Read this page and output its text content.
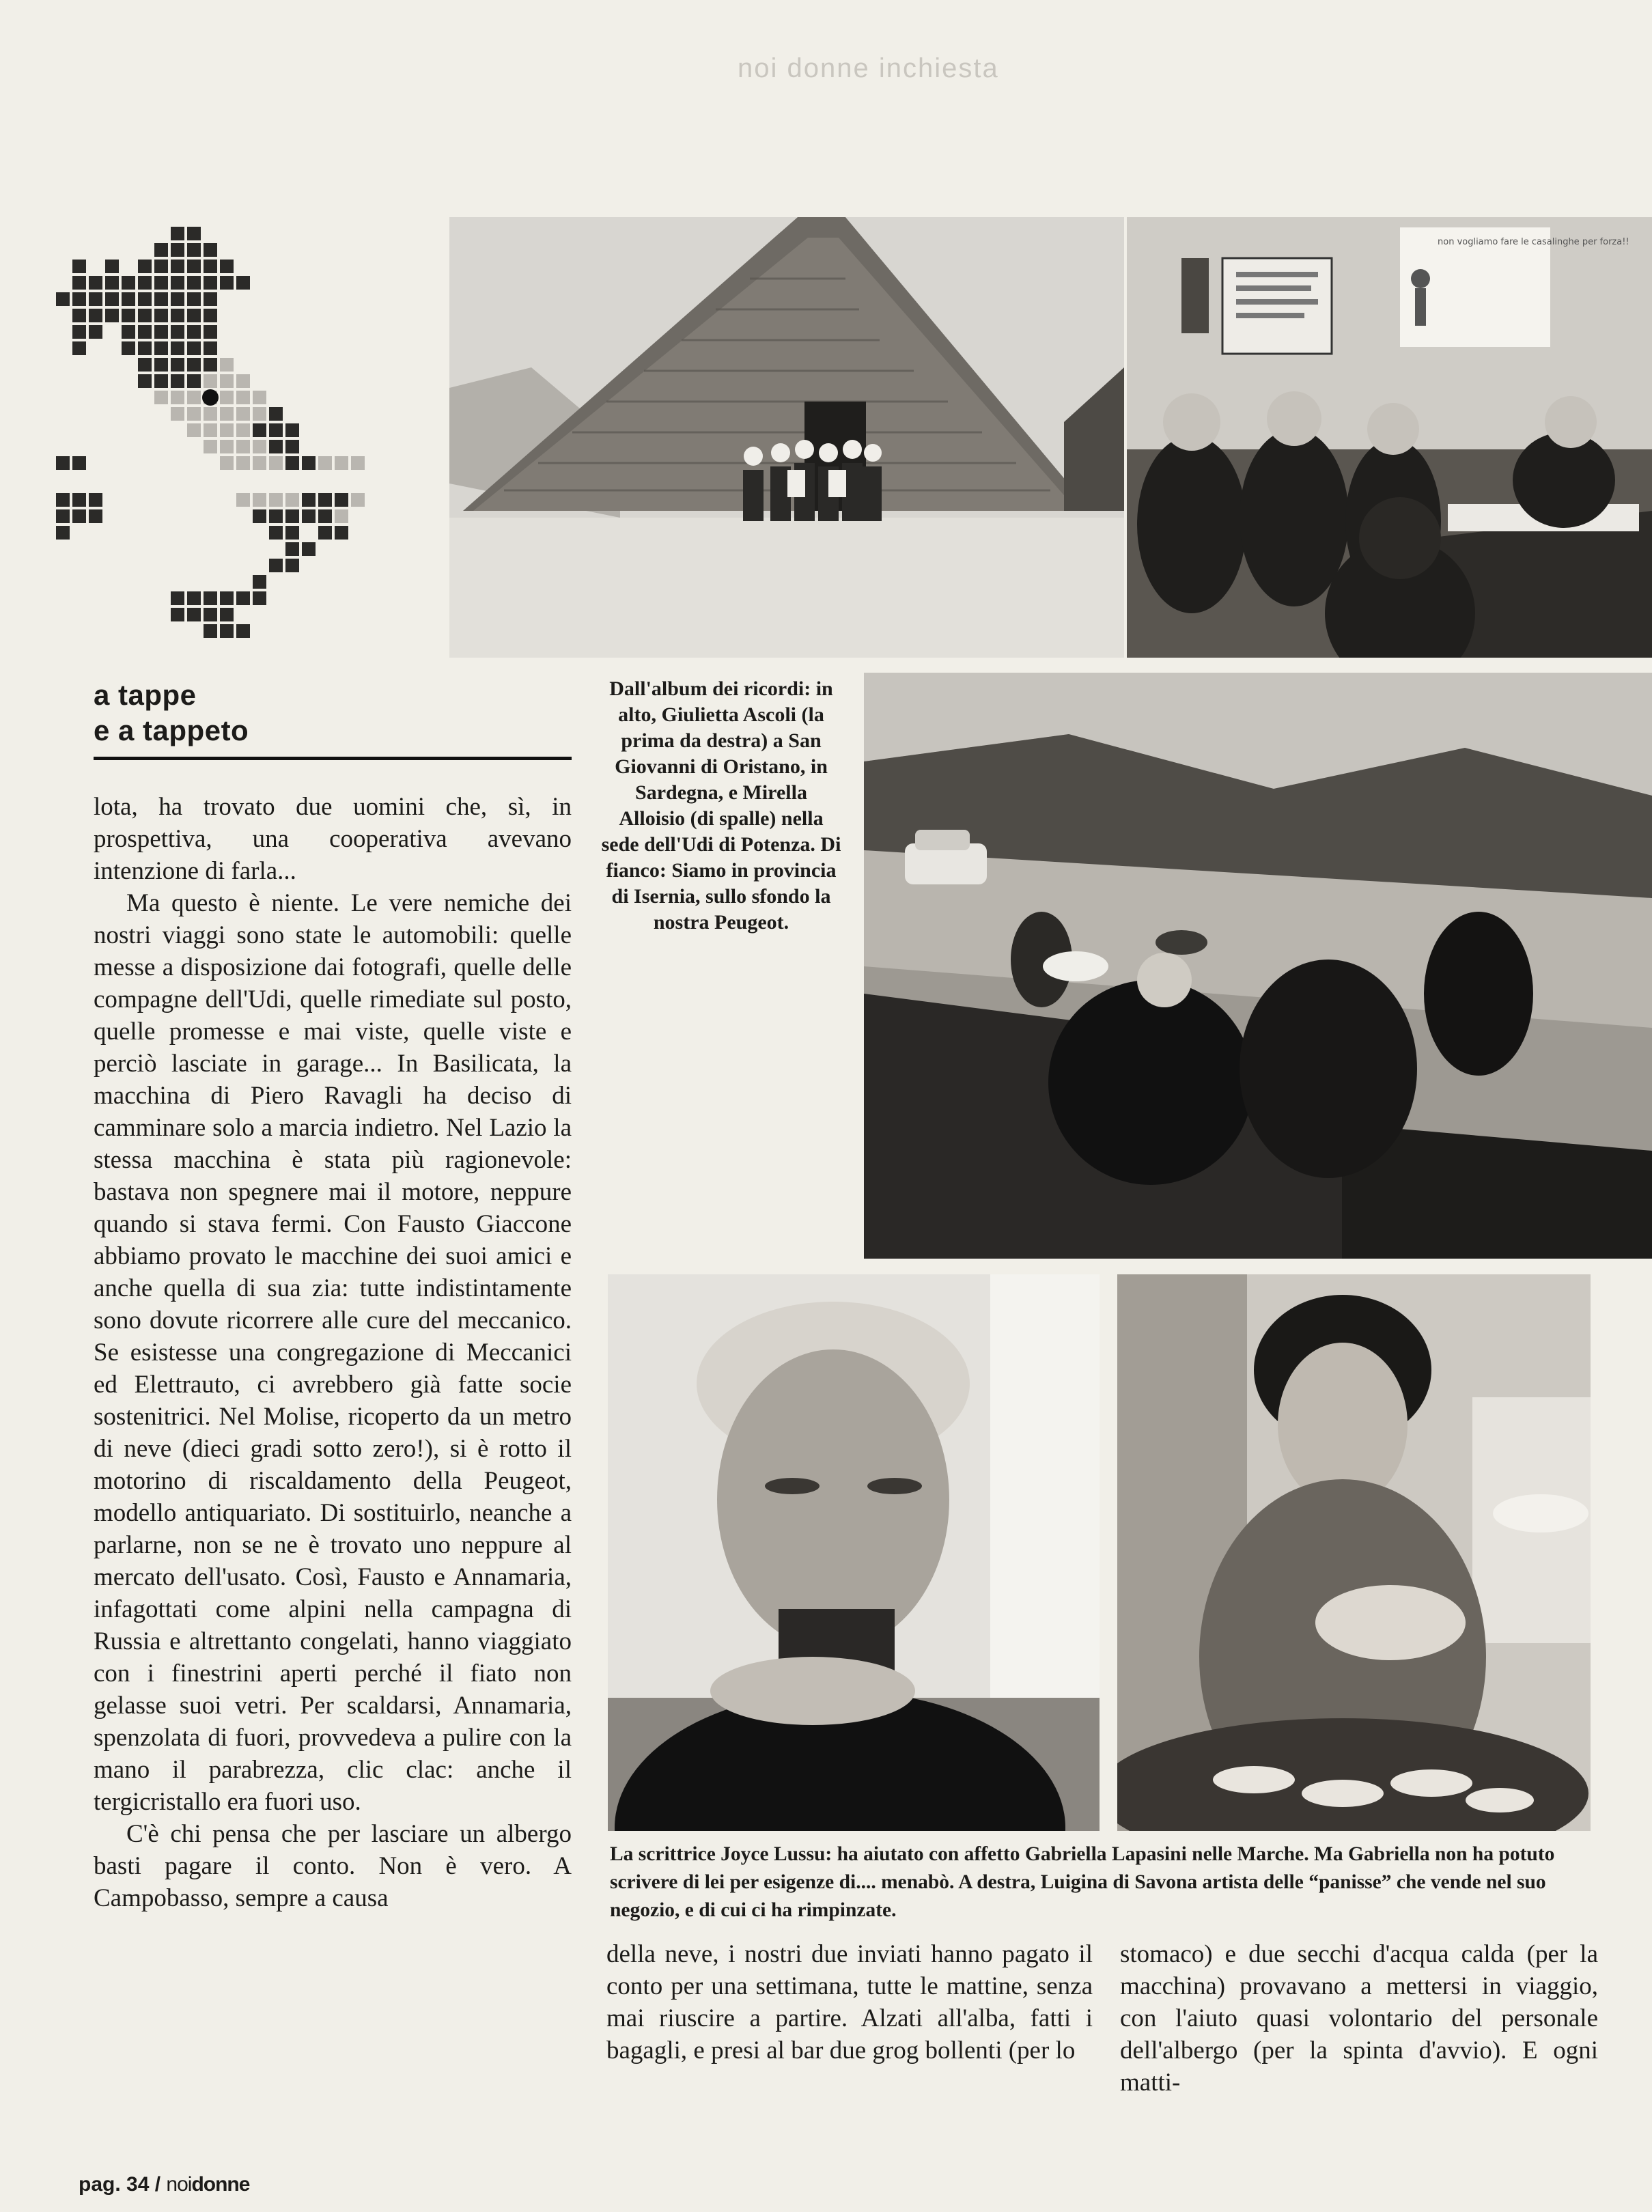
noi donne inchiesta
non vogliamo fare le casalinghe per forza!!
a tappe
e a tappeto
Dall'album dei ricordi: in alto, Giulietta Ascoli (la prima da destra) a San Giovanni di Oristano, in Sardegna, e Mirella Alloisio (di spalle) nella sede dell'Udi di Potenza. Di fianco: Siamo in provincia di Isernia, sullo sfondo la nostra Peugeot.

lota, ha trovato due uomini che, sì, in prospettiva, una cooperativa avevano intenzione di farla...

Ma questo è niente. Le vere nemiche dei nostri viaggi sono state le automobili: quelle messe a disposizione dai fotografi, quelle delle compagne dell'Udi, quelle rimediate sul posto, quelle promesse e mai viste, quelle viste e perciò lasciate in garage... In Basilicata, la macchina di Piero Ravagli ha deciso di camminare solo a marcia indietro. Nel Lazio la stessa macchina è stata più ragionevole: bastava non spegnere mai il motore, neppure quando si stava fermi. Con Fausto Giaccone abbiamo provato le macchine dei suoi amici e anche quella di sua zia: tutte indistintamente sono dovute ricorrere alle cure del meccanico. Se esistesse una congregazione di Meccanici ed Elettrauto, ci avrebbero già fatte socie sostenitrici. Nel Molise, ricoperto da un metro di neve (dieci gradi sotto zero!), si è rotto il motorino di riscaldamento della Peugeot, modello antiquariato. Di sostituirlo, neanche a parlarne, non se ne è trovato uno neppure al mercato dell'usato. Così, Fausto e Annamaria, infagottati come alpini nella campagna di Russia e altrettanto congelati, hanno viaggiato con i finestrini aperti perché il fiato non gelasse suoi vetri. Per scaldarsi, Annamaria, spenzolata di fuori, provvedeva a pulire con la mano il parabrezza, clic clac: anche il tergicristallo era fuori uso.

C'è chi pensa che per lasciare un albergo basti pagare il conto. Non è vero. A Campobasso, sempre a causa

La scrittrice Joyce Lussu: ha aiutato con affetto Gabriella Lapasini nelle Marche. Ma Gabriella non ha potuto scrivere di lei per esigenze di.... menabò. A destra, Luigina di Savona artista delle “panisse” che vende nel suo negozio, e di cui ci ha rimpinzate.

della neve, i nostri due inviati hanno pagato il conto per una settimana, tutte le mattine, senza mai riuscire a partire. Alzati all'alba, fatti i bagagli, e presi al bar due grog bollenti (per lo

stomaco) e due secchi d'acqua calda (per la macchina) provavano a mettersi in viaggio, con l'aiuto quasi volontario del personale dell'albergo (per la spinta d'avvio). E ogni matti-

pag. 34 / noidonne
